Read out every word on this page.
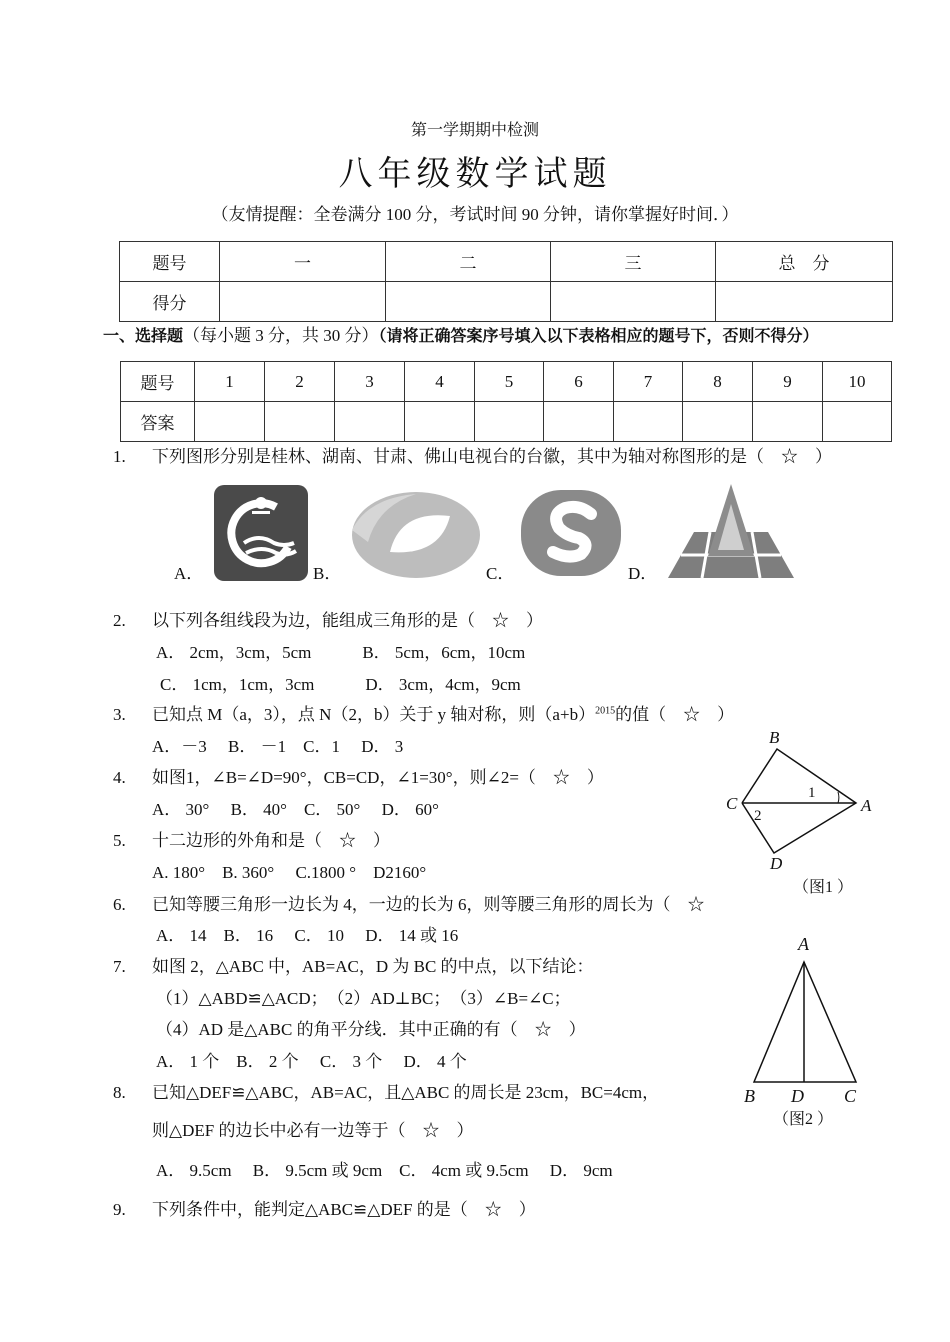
第一学期期中检测
八年级数学试题
（友情提醒：全卷满分 100 分，考试时间 90 分钟，请你掌握好时间．）
题号	一	二	三	总　分
得分				
一、选择题（每小题 3 分，共 30 分）（请将正确答案序号填入以下表格相应的题号下，否则不得分）
题号	1	2	3	4	5	6	7	8	9	10
答案										
1. 下列图形分别是桂林、湖南、甘肃、佛山电视台的台徽，其中为轴对称图形的是（　☆　）
A．	B．	C．	D．
2. 以下列各组线段为边，能组成三角形的是（　☆　）
A． 2cm，3cm，5cm　　　B． 5cm，6cm，10cm
C． 1cm，1cm，3cm　　　D． 3cm，4cm，9cm
3. 已知点 M（a，3），点 N（2，b）关于 y 轴对称，则$(a+b)^{2015}$的值（　☆　）
A．－3　 B． －1　C．1　 D． 3
4. 如图1，∠B=∠D=90°，CB=CD，∠1=30°，则∠2=（　☆　）
A． 30°　 B． 40°　C． 50°　 D． 60°
5. 十二边形的外角和是（　☆　）
A. 180°　B. 360°　 C.1800 °　D2160°
6. 已知等腰三角形一边长为 4，一边的长为 6，则等腰三角形的周长为（　☆
A． 14　B． 16　 C． 10　 D． 14 或 16
7. 如图 2，△ABC 中，AB=AC，D 为 BC 的中点，以下结论：
（1）△ABD≌△ACD；　（2）AD⊥BC；　（3）∠B=∠C；
（4）AD 是△ABC 的角平分线．其中正确的有（　☆　）
A． 1 个　B． 2 个　 C． 3 个　 D． 4 个
8. 已知△DEF≌△ABC，AB=AC，且△ABC 的周长是 23cm，BC=4cm，
则△DEF 的边长中必有一边等于（　☆　）
A． 9.5cm　 B． 9.5cm 或 9cm　C． 4cm 或 9.5cm　 D． 9cm
9. 下列条件中，能判定△ABC≌△DEF 的是（　☆　）
B
C	A
D
1
2
（图1 ）
A
B D C
（图2 ）
